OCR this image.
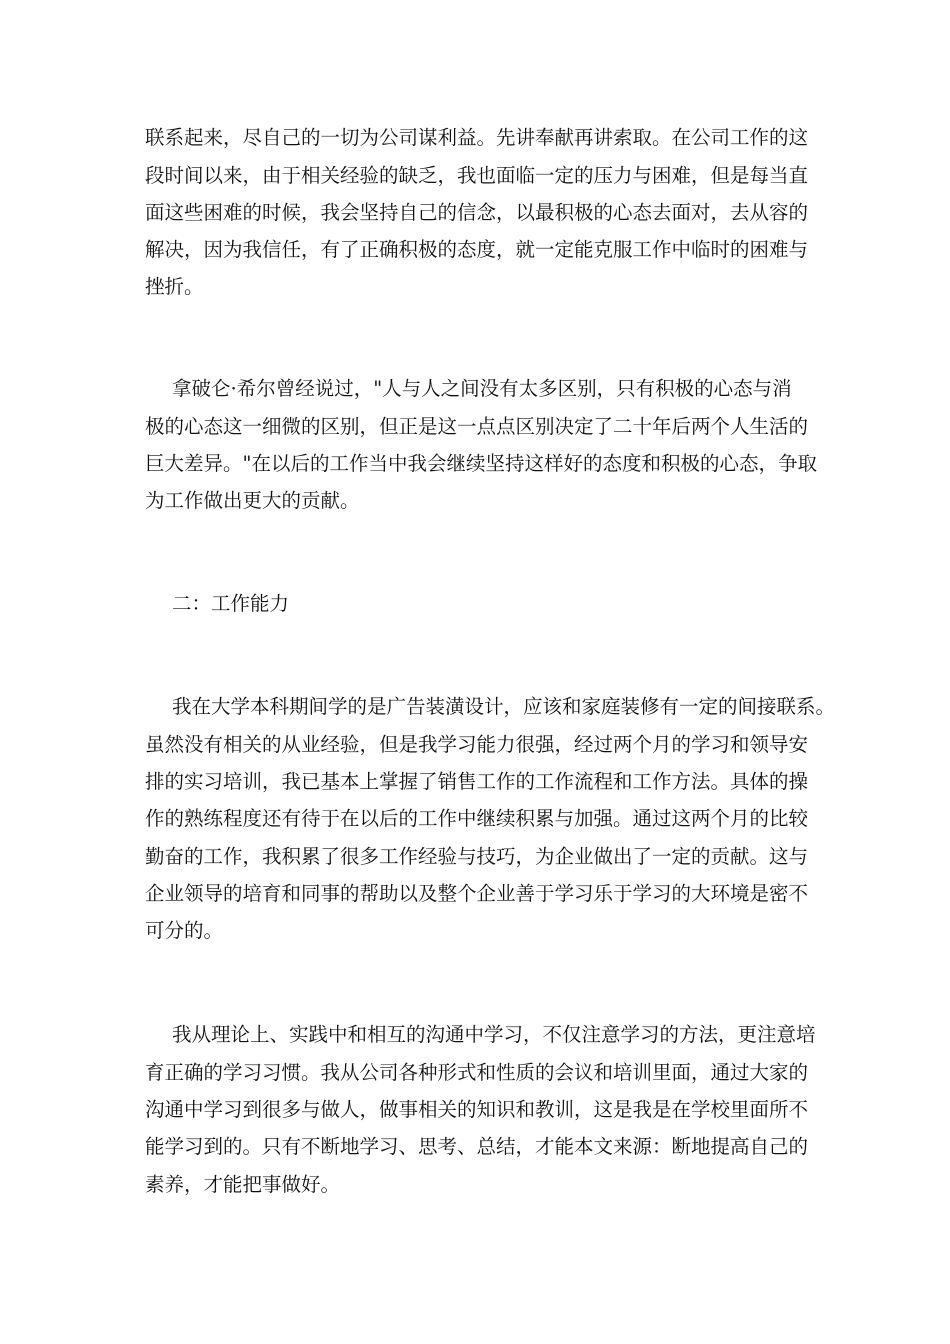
联系起来，尽自己的一切为公司谋利益。先讲奉献再讲索取。在公司工作的这
段时间以来，由于相关经验的缺乏，我也面临一定的压力与困难，但是每当直
面这些困难的时候，我会坚持自己的信念，以最积极的心态去面对，去从容的
解决，因为我信任，有了正确积极的态度，就一定能克服工作中临时的困难与
挫折。
拿破仑·希尔曾经说过，"人与人之间没有太多区别，只有积极的心态与消
极的心态这一细微的区别，但正是这一点点区别决定了二十年后两个人生活的
巨大差异。"在以后的工作当中我会继续坚持这样好的态度和积极的心态，争取
为工作做出更大的贡献。
二：工作能力
我在大学本科期间学的是广告装潢设计，应该和家庭装修有一定的间接联系。
虽然没有相关的从业经验，但是我学习能力很强，经过两个月的学习和领导安
排的实习培训，我已基本上掌握了销售工作的工作流程和工作方法。具体的操
作的熟练程度还有待于在以后的工作中继续积累与加强。通过这两个月的比较
勤奋的工作，我积累了很多工作经验与技巧，为企业做出了一定的贡献。这与
企业领导的培育和同事的帮助以及整个企业善于学习乐于学习的大环境是密不
可分的。
我从理论上、实践中和相互的沟通中学习，不仅注意学习的方法，更注意培
育正确的学习习惯。我从公司各种形式和性质的会议和培训里面，通过大家的
沟通中学习到很多与做人，做事相关的知识和教训，这是我是在学校里面所不
能学习到的。只有不断地学习、思考、总结，才能本文来源：断地提高自己的
素养，才能把事做好。
